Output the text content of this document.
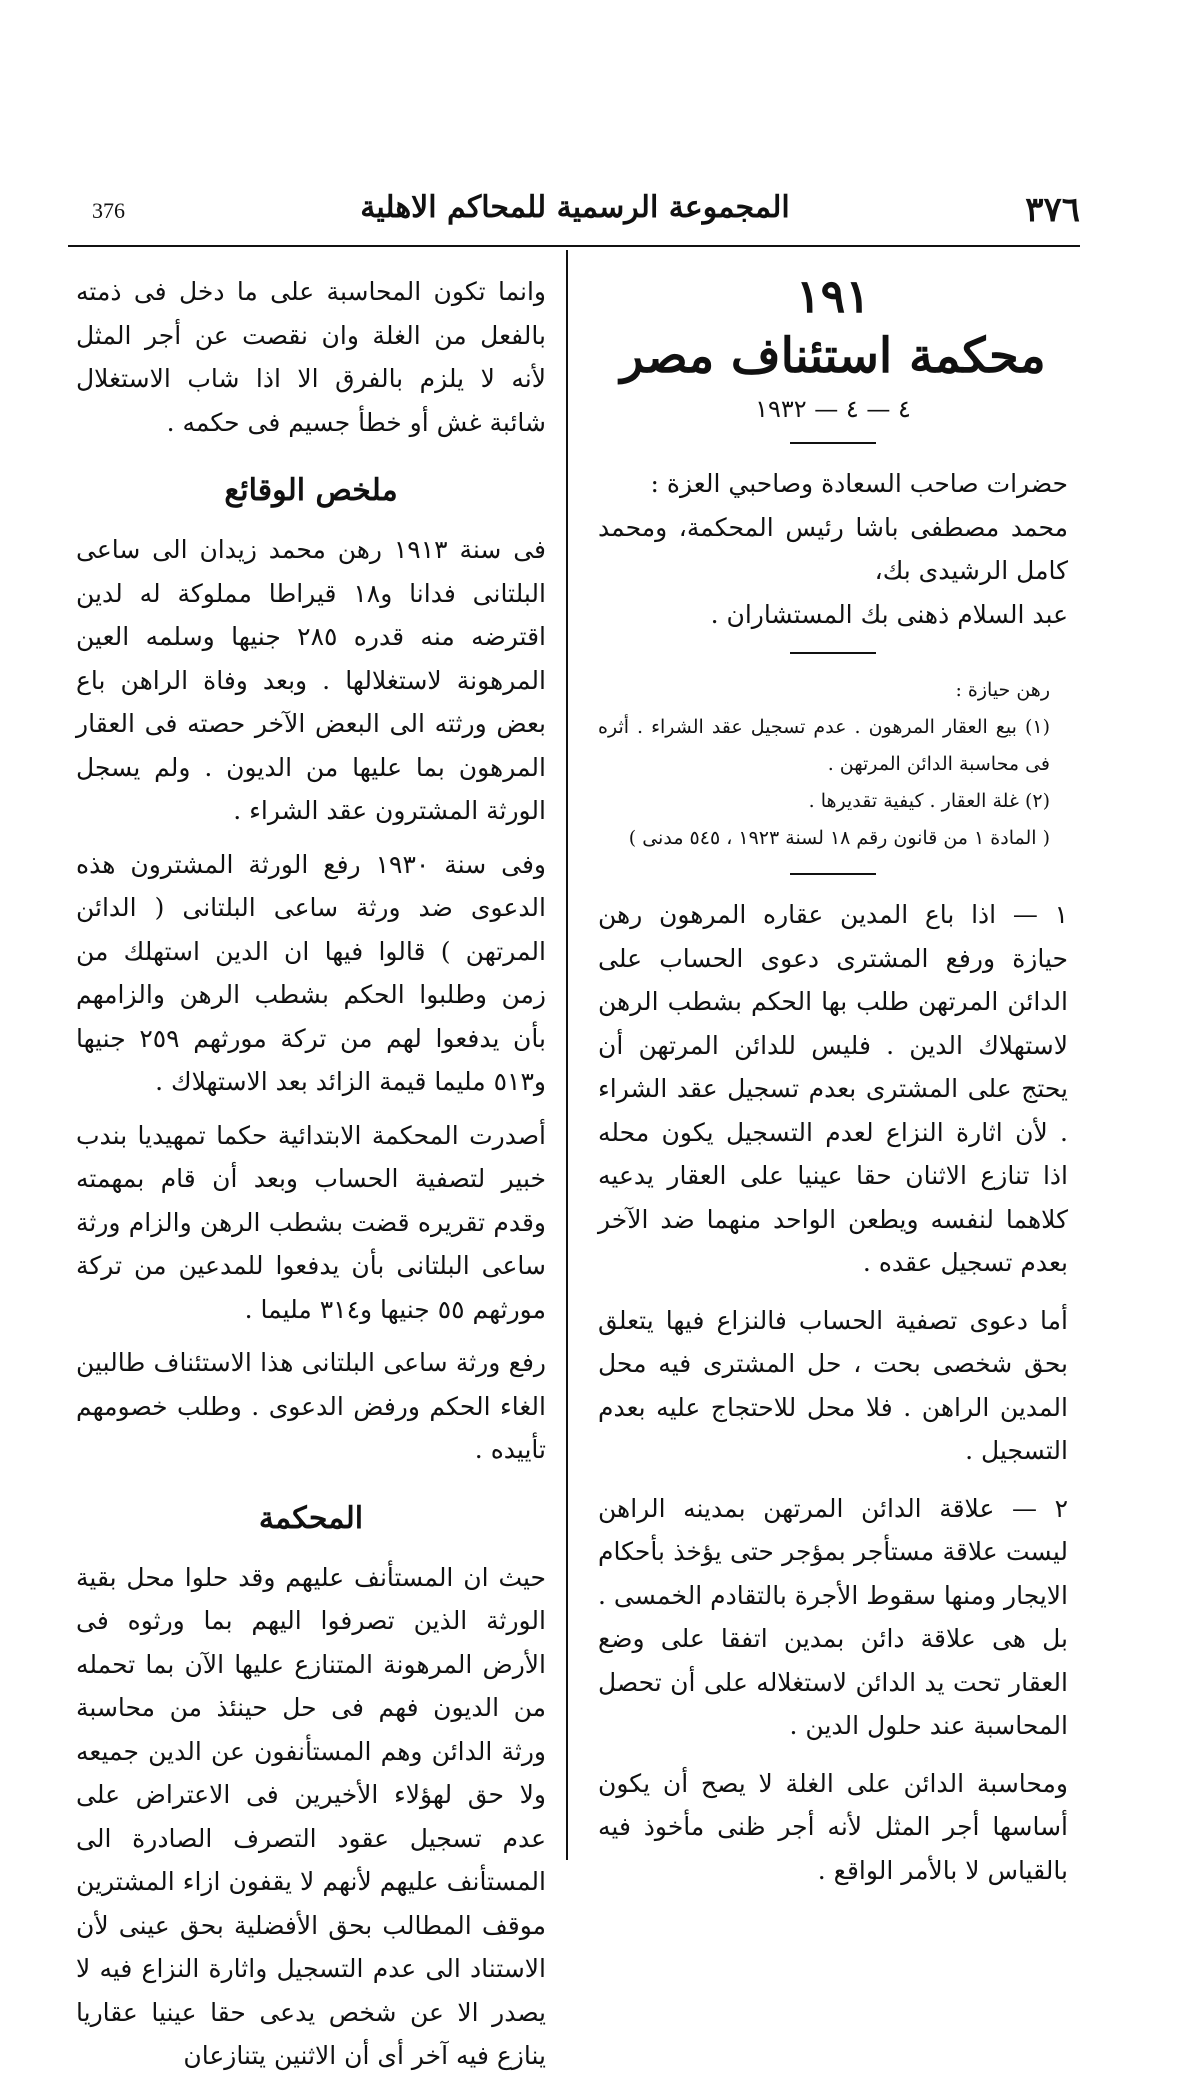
376	المجموعة الرسمية للمحاكم الاهلية	٣٧٦

١٩١

محكمة استئناف مصر

٤ — ٤ — ١٩٣٢

حضرات صاحب السعادة وصاحبي العزة :

محمد مصطفى باشا رئيس المحكمة، ومحمد كامل الرشيدى بك،

عبد السلام ذهنى بك المستشاران .

رهن حيازة :

(١) بيع العقار المرهون . عدم تسجيل عقد الشراء . أثره فى محاسبة الدائن المرتهن .

(٢) غلة العقار . كيفية تقديرها .

( المادة ١ من قانون رقم ١٨ لسنة ١٩٢٣ ، ٥٤٥ مدنى )

١ — اذا باع المدين عقاره المرهون رهن حيازة ورفع المشترى دعوى الحساب على الدائن المرتهن طلب بها الحكم بشطب الرهن لاستهلاك الدين . فليس للدائن المرتهن أن يحتج على المشترى بعدم تسجيل عقد الشراء . لأن اثارة النزاع لعدم التسجيل يكون محله اذا تنازع الاثنان حقا عينيا على العقار يدعيه كلاهما لنفسه ويطعن الواحد منهما ضد الآخر بعدم تسجيل عقده .

أما دعوى تصفية الحساب فالنزاع فيها يتعلق بحق شخصى بحت ، حل المشترى فيه محل المدين الراهن . فلا محل للاحتجاج عليه بعدم التسجيل .

٢ — علاقة الدائن المرتهن بمدينه الراهن ليست علاقة مستأجر بمؤجر حتى يؤخذ بأحكام الايجار ومنها سقوط الأجرة بالتقادم الخمسى . بل هى علاقة دائن بمدين اتفقا على وضع العقار تحت يد الدائن لاستغلاله على أن تحصل المحاسبة عند حلول الدين .

ومحاسبة الدائن على الغلة لا يصح أن يكون أساسها أجر المثل لأنه أجر ظنى مأخوذ فيه بالقياس لا بالأمر الواقع .

وانما تكون المحاسبة على ما دخل فى ذمته بالفعل من الغلة وان نقصت عن أجر المثل لأنه لا يلزم بالفرق الا اذا شاب الاستغلال شائبة غش أو خطأ جسيم فى حكمه .

ملخص الوقائع

فى سنة ١٩١٣ رهن محمد زيدان الى ساعى البلتانى فدانا و١٨ قيراطا مملوكة له لدين اقترضه منه قدره ٢٨٥ جنيها وسلمه العين المرهونة لاستغلالها . وبعد وفاة الراهن باع بعض ورثته الى البعض الآخر حصته فى العقار المرهون بما عليها من الديون . ولم يسجل الورثة المشترون عقد الشراء .

وفى سنة ١٩٣٠ رفع الورثة المشترون هذه الدعوى ضد ورثة ساعى البلتانى ( الدائن المرتهن ) قالوا فيها ان الدين استهلك من زمن وطلبوا الحكم بشطب الرهن والزامهم بأن يدفعوا لهم من تركة مورثهم ٢٥٩ جنيها و٥١٣ مليما قيمة الزائد بعد الاستهلاك .

أصدرت المحكمة الابتدائية حكما تمهيديا بندب خبير لتصفية الحساب وبعد أن قام بمهمته وقدم تقريره قضت بشطب الرهن والزام ورثة ساعى البلتانى بأن يدفعوا للمدعين من تركة مورثهم ٥٥ جنيها و٣١٤ مليما .

رفع ورثة ساعى البلتانى هذا الاستئناف طالبين الغاء الحكم ورفض الدعوى . وطلب خصومهم تأييده .

المحكمة

حيث ان المستأنف عليهم وقد حلوا محل بقية الورثة الذين تصرفوا اليهم بما ورثوه فى الأرض المرهونة المتنازع عليها الآن بما تحمله من الديون فهم فى حل حينئذ من محاسبة ورثة الدائن وهم المستأنفون عن الدين جميعه ولا حق لهؤلاء الأخيرين فى الاعتراض على عدم تسجيل عقود التصرف الصادرة الى المستأنف عليهم لأنهم لا يقفون ازاء المشترين موقف المطالب بحق الأفضلية بحق عينى لأن الاستناد الى عدم التسجيل واثارة النزاع فيه لا يصدر الا عن شخص يدعى حقا عينيا عقاريا ينازع فيه آخر أى أن الاثنين يتنازعان
